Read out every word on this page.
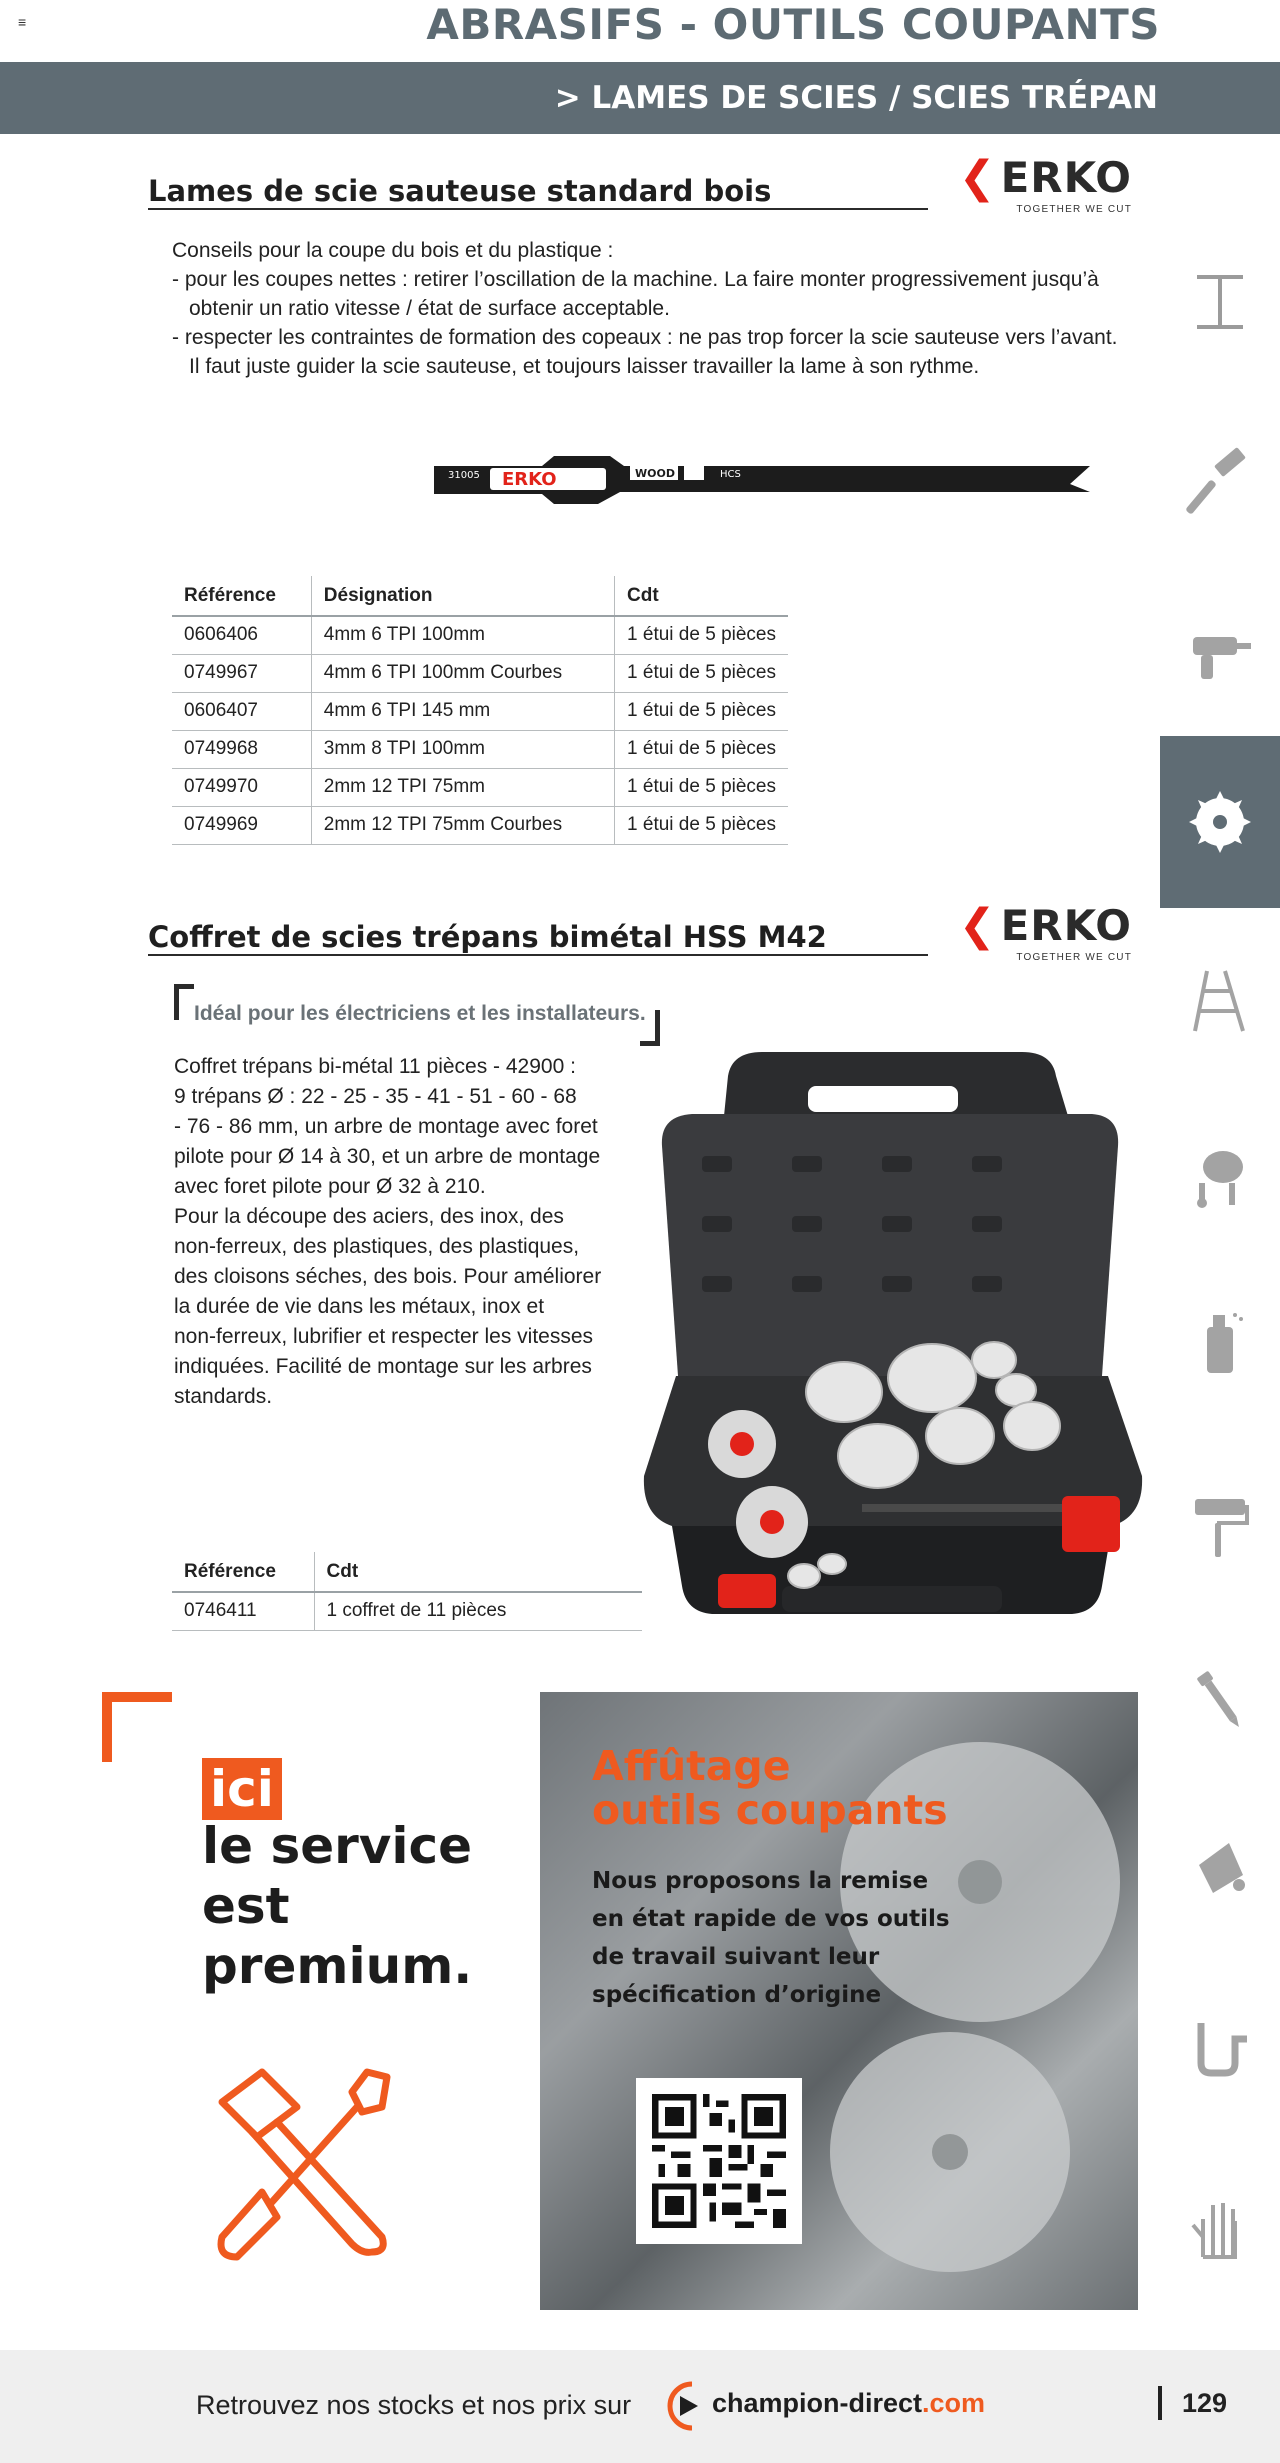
≡	ABRASIFS - OUTILS COUPANTS
> LAMES DE SCIES / SCIES TRÉPAN
Lames de scie sauteuse standard bois	❮ ERKO
TOGETHER WE CUT

Conseils pour la coupe du bois et du plastique :

- pour les coupes nettes : retirer l’oscillation de la machine. La faire monter progressivement jusqu’à

obtenir un ratio vitesse / état de surface acceptable.

- respecter les contraintes de formation des copeaux : ne pas trop forcer la scie sauteuse vers l’avant.

Il faut juste guider la scie sauteuse, et toujours laisser travailler la lame à son rythme.

31005 ERKO	WOOD	HCS
Référence	Désignation	Cdt
0606406	4mm 6 TPI 100mm	1 étui de 5 pièces
0749967	4mm 6 TPI 100mm Courbes	1 étui de 5 pièces
0606407	4mm 6 TPI 145 mm	1 étui de 5 pièces
0749968	3mm 8 TPI 100mm	1 étui de 5 pièces
0749970	2mm 12 TPI 75mm	1 étui de 5 pièces
0749969	2mm 12 TPI 75mm Courbes	1 étui de 5 pièces
Coffret de scies trépans bimétal HSS M42	❮ ERKO
TOGETHER WE CUT
Idéal pour les électriciens et les installateurs.

Coffret trépans bi-métal 11 pièces - 42900 :

9 trépans Ø : 22 - 25 - 35 - 41 - 51 - 60 - 68

- 76 - 86 mm, un arbre de montage avec foret

pilote pour Ø 14 à 30, et un arbre de montage

avec foret pilote pour Ø 32 à 210.

Pour la découpe des aciers, des inox, des

non-ferreux, des plastiques, des plastiques,

des cloisons séches, des bois. Pour améliorer

la durée de vie dans les métaux, inox et

non-ferreux, lubrifier et respecter les vitesses

indiquées. Facilité de montage sur les arbres

standards.

Référence	Cdt
0746411	1 coffret de 11 pièces
ici
le service
est
premium.
Affûtage
outils coupants
Nous proposons la remise
en état rapide de vos outils
de travail suivant leur
spécification d’origine
Retrouvez nos stocks et nos prix sur	champion-direct.com	129
